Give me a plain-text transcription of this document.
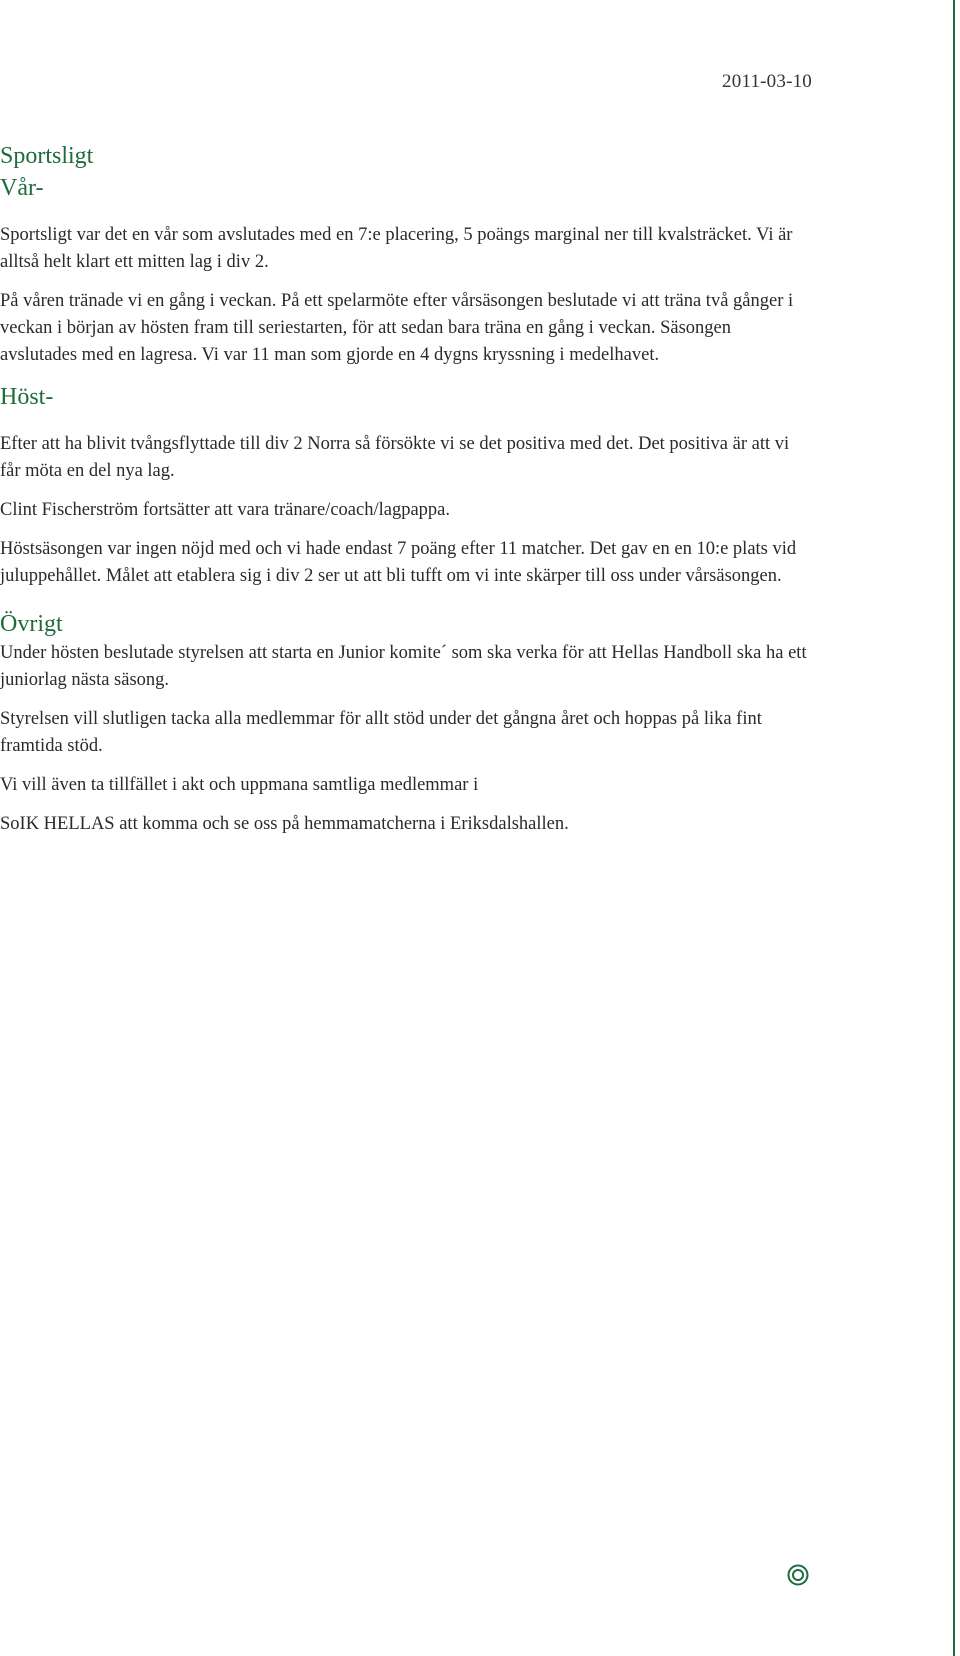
2011-03-10
Sportsligt
Vår-

Sportsligt var det en vår som avslutades med en 7:e placering, 5 poängs marginal ner till kvalsträcket. Vi är alltså helt klart ett mitten lag i div 2.

På våren tränade vi en gång i veckan. På ett spelarmöte efter vårsäsongen beslutade vi att träna två gånger i veckan i början av hösten fram till seriestarten, för att sedan bara träna en gång i veckan. Säsongen avslutades med en lagresa. Vi var 11 man som gjorde en 4 dygns kryssning i medelhavet.

Höst-

Efter att ha blivit tvångsflyttade till div 2 Norra så försökte vi se det positiva med det. Det positiva är att vi får möta en del nya lag.

Clint Fischerström fortsätter att vara tränare/coach/lagpappa.

Höstsäsongen var ingen nöjd med och vi hade endast 7 poäng efter 11 matcher. Det gav en en 10:e plats vid juluppehållet. Målet att etablera sig i div 2 ser ut att bli tufft om vi inte skärper till oss under vårsäsongen.

Övrigt

Under hösten beslutade styrelsen att starta en Junior komite´ som ska verka för att Hellas Handboll ska ha ett juniorlag nästa säsong.

Styrelsen vill slutligen tacka alla medlemmar för allt stöd under det gångna året och hoppas på lika fint framtida stöd.

Vi vill även ta tillfället i akt och uppmana samtliga medlemmar i

SoIK HELLAS att komma och se oss på hemmamatcherna i Eriksdalshallen.
